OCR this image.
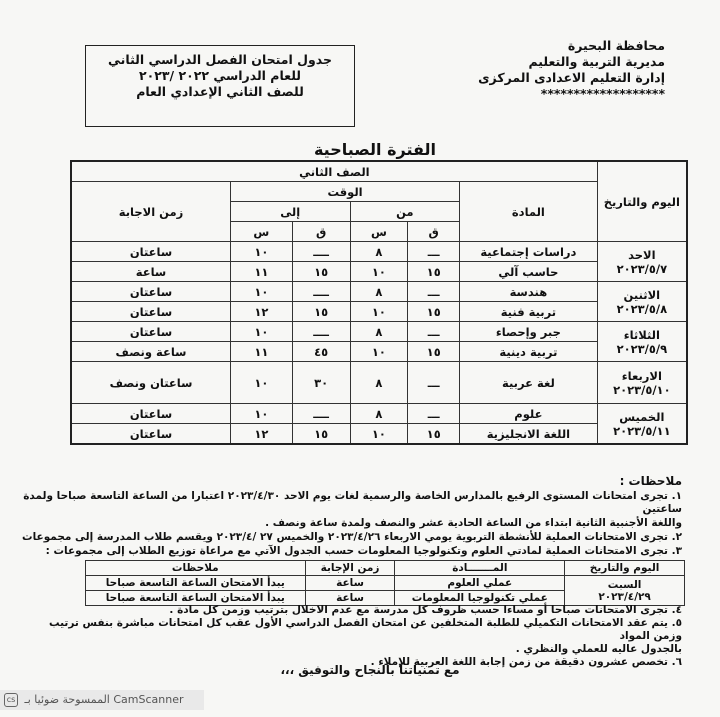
محافظة البحيرة
مديرية التربية والتعليم
إدارة التعليم الاعدادى المركزى
*******************
جدول امتحان الفصل الدراسي الثاني
للعام الدراسي ٢٠٢٢ /٢٠٢٣
للصف الثاني الإعدادي العام
الفترة الصباحية
اليوم والتاريخ	الصف الثاني					
	المادة	الوقت				زمن الاجابة
		من		إلى		
		ق	س	ق	س	

الاحد
٢٠٢٣/٥/٧	دراسات إجتماعية	ـــ	٨	ــــ	١٠	ساعتان
	حاسب آلي	١٥	١٠	١٥	١١	ساعة

الاثنين
٢٠٢٣/٥/٨	هندسة	ـــ	٨	ــــ	١٠	ساعتان
	تربية فنية	١٥	١٠	١٥	١٢	ساعتان

الثلاثاء
٢٠٢٣/٥/٩	جبر وإحصاء	ـــ	٨	ــــ	١٠	ساعتان
	تربية دينية	١٥	١٠	٤٥	١١	ساعة ونصف

الاربعاء
٢٠٢٣/٥/١٠	لغة عربية	ـــ	٨	٣٠	١٠	ساعتان ونصف

الخميس
٢٠٢٣/٥/١١	علوم	ـــ	٨	ــــ	١٠	ساعتان
	اللغة الانجليزية	١٥	١٠	١٥	١٢	ساعتان
ملاحظات :
١. تجرى امتحانات المستوى الرفيع بالمدارس الخاصة والرسمية لغات يوم الاحد ٢٠٢٣/٤/٣٠ اعتبارا من الساعة التاسعة صباحا ولمدة ساعتين
واللغة الأجنبية الثانية ابتداء من الساعة الحادية عشر والنصف ولمدة ساعة ونصف .
٢. تجرى الامتحانات العملية للأنشطة التربوية يومي الاربعاء ٢٠٢٣/٤/٢٦ والخميس ٢٧ /٢٠٢٣/٤ ويقسم طلاب المدرسة إلى مجموعات
٣. تجرى الامتحانات العملية لمادتي العلوم وتكنولوجيا المعلومات حسب الجدول الآتي مع مراعاة توزيع الطلاب إلى مجموعات :
اليوم والتاريخ	المـــــــادة	زمن الإجابة	ملاحظات

السبت
٢٠٢٣/٤/٢٩	عملي العلوم	ساعة	يبدأ الامتحان الساعة التاسعة صباحا
	عملي تكنولوجيا المعلومات	ساعة	يبدأ الامتحان الساعة التاسعة صباحا
٤. تجرى الامتحانات صباحا أو مساءا حسب ظروف كل مدرسة مع عدم الاخلال بترتيب وزمن كل مادة .
٥. يتم عقد الامتحانات التكميلي للطلبة المتخلفين عن امتحان الفصل الدراسي الأول عقب كل امتحانات مباشرة بنفس ترتيب وزمن المواد
بالجدول عاليه للعملي والنظري .
٦. تخصص عشرون دقيقة من زمن إجابة اللغة العربية للإملاء .
مع تمنياتنا بالنجاح والتوفيق ،،،
cs الممسوحة ضوئيا بـ CamScanner
